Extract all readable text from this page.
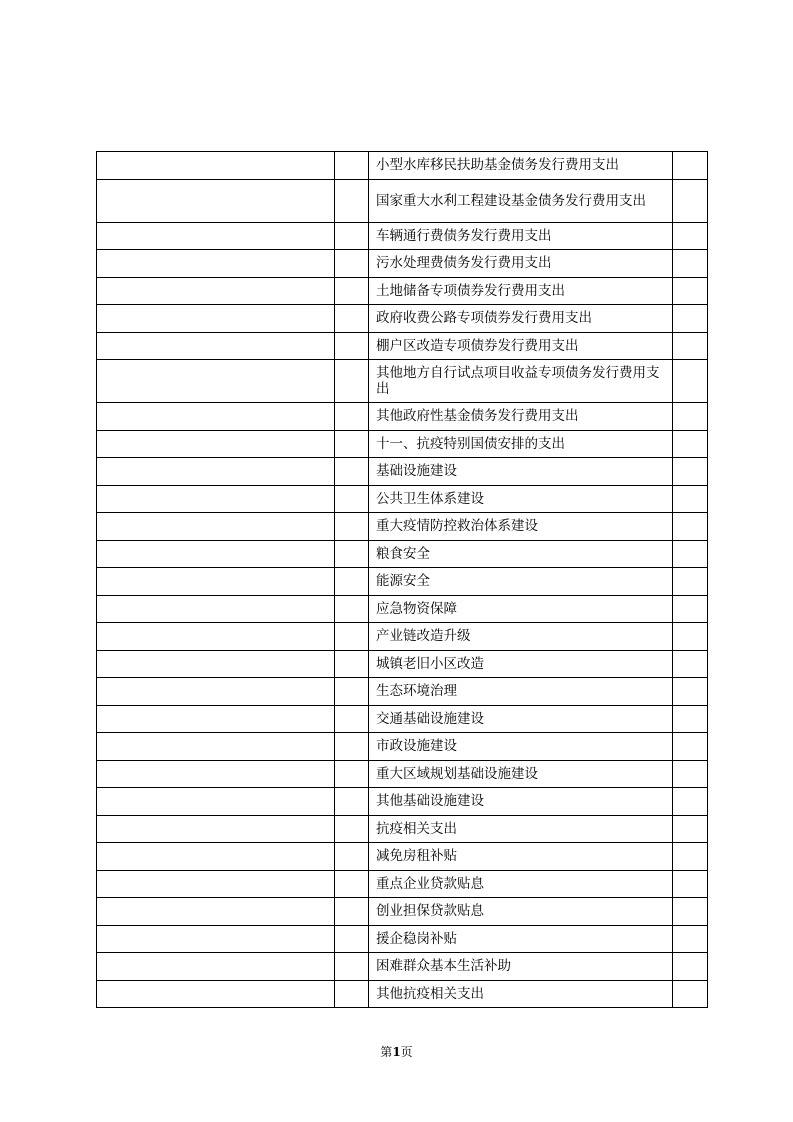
		小型水库移民扶助基金债务发行费用支出	
		国家重大水利工程建设基金债务发行费用支出	
		车辆通行费债务发行费用支出	
		污水处理费债务发行费用支出	
		土地储备专项债券发行费用支出	
		政府收费公路专项债券发行费用支出	
		棚户区改造专项债券发行费用支出	
		其他地方自行试点项目收益专项债务发行费用支出	
		其他政府性基金债务发行费用支出	
		十一、抗疫特别国债安排的支出	
		基础设施建设	
		公共卫生体系建设	
		重大疫情防控救治体系建设	
		粮食安全	
		能源安全	
		应急物资保障	
		产业链改造升级	
		城镇老旧小区改造	
		生态环境治理	
		交通基础设施建设	
		市政设施建设	
		重大区域规划基础设施建设	
		其他基础设施建设	
		抗疫相关支出	
		减免房租补贴	
		重点企业贷款贴息	
		创业担保贷款贴息	
		援企稳岗补贴	
		困难群众基本生活补助	
		其他抗疫相关支出	
第1页
